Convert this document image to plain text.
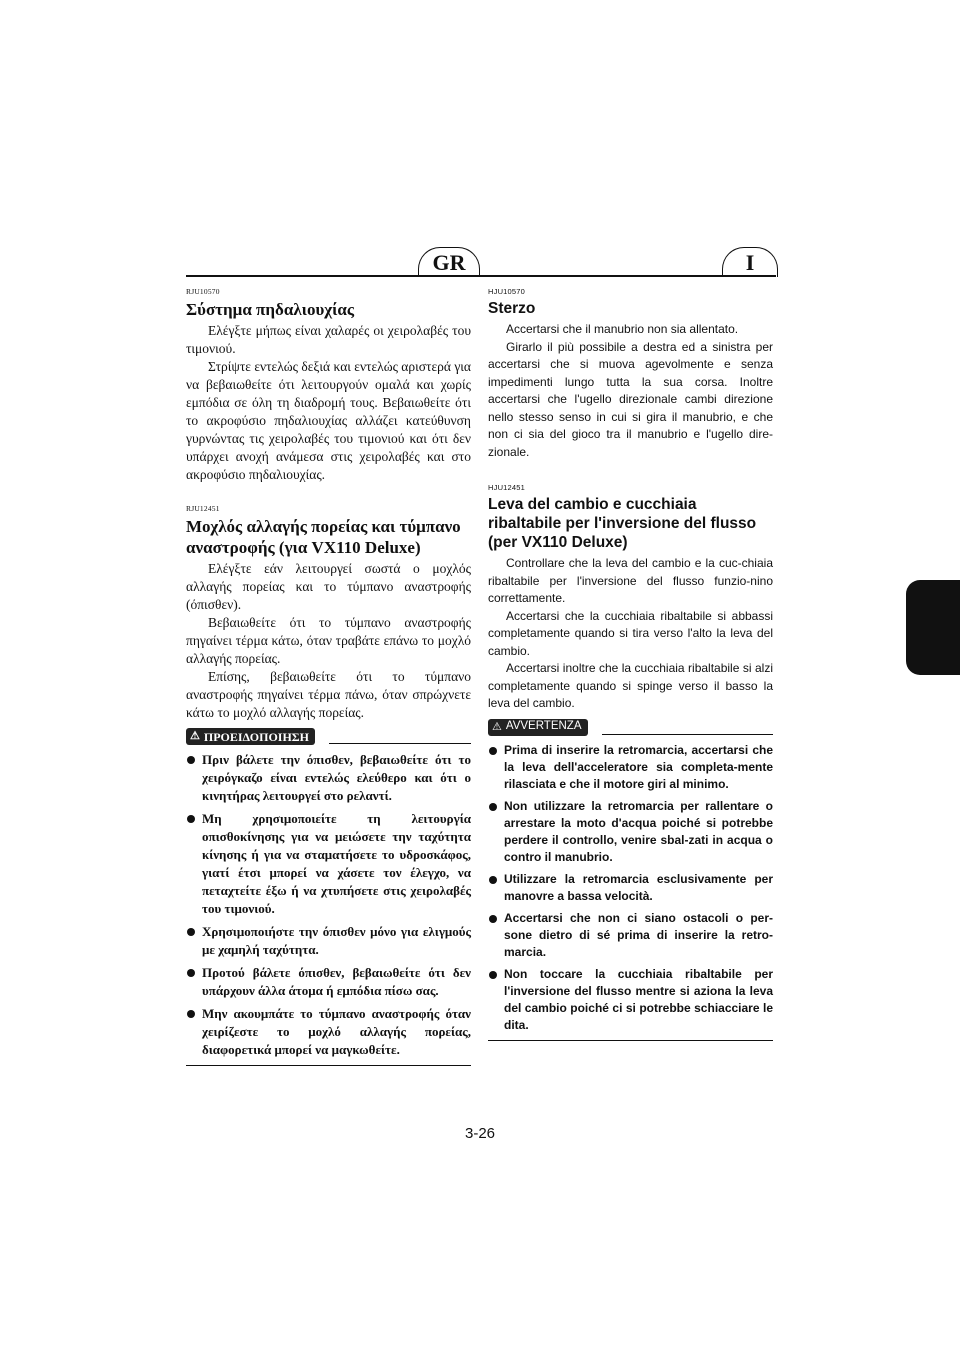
GR	I
RJU10570
Σύστημα πηδαλιουχίας

Ελέγξτε μήπως είναι χαλαρές οι χειρολαβές του τιμονιού.

Στρίψτε εντελώς δεξιά και εντελώς αριστερά για να βεβαιωθείτε ότι λειτουργούν ομαλά και χωρίς εμπόδια σε όλη τη διαδρομή τους. Βεβαιωθείτε ότι το ακροφύσιο πηδαλιουχίας αλλάζει κατεύθυνση γυρνώντας τις χειρολαβές του τιμονιού και ότι δεν υπάρχει ανοχή ανάμεσα στις χειρολαβές και στο ακροφύσιο πηδαλιουχίας.

RJU12451
Μοχλός αλλαγής πορείας και τύμπανο αναστροφής (για VX110 Deluxe)

Ελέγξτε εάν λειτουργεί σωστά ο μοχλός αλλαγής πορείας και το τύμπανο αναστροφής (όπισθεν).

Βεβαιωθείτε ότι το τύμπανο αναστροφής πηγαίνει τέρμα κάτω, όταν τραβάτε επάνω το μοχλό αλλαγής πορείας.

Επίσης, βεβαιωθείτε ότι το τύμπανο αναστροφής πηγαίνει τέρμα πάνω, όταν σπρώχνετε κάτω το μοχλό αλλαγής πορείας.

⚠ ΠΡΟΕΙΔΟΠΟΙΗΣΗ
Πριν βάλετε την όπισθεν, βεβαιωθείτε ότι το χειρόγκαζο είναι εντελώς ελεύθερο και ότι ο κινητήρας λειτουργεί στο ρελαντί.
Μη χρησιμοποιείτε τη λειτουργία οπισθοκίνησης για να μειώσετε την ταχύτητα κίνησης ή για να σταματήσετε το υδροσκάφος, γιατί έτσι μπορεί να χάσετε τον έλεγχο, να πεταχτείτε έξω ή να χτυπήσετε στις χειρολαβές του τιμονιού.
Χρησιμοποιήστε την όπισθεν μόνο για ελιγμούς με χαμηλή ταχύτητα.
Προτού βάλετε όπισθεν, βεβαιωθείτε ότι δεν υπάρχουν άλλα άτομα ή εμπόδια πίσω σας.
Μην ακουμπάτε το τύμπανο αναστροφής όταν χειρίζεστε το μοχλό αλλαγής πορείας, διαφορετικά μπορεί να μαγκωθείτε.
HJU10570
Sterzo

Accertarsi che il manubrio non sia allentato.

Girarlo il più possibile a destra ed a sinistra per accertarsi che si muova agevolmente e senza impedimenti lungo tutta la sua corsa. Inoltre accertarsi che l'ugello direzionale cambi direzione nello stesso senso in cui si gira il manubrio, e che non ci sia del gioco tra il manubrio e l'ugello dire-zionale.

HJU12451
Leva del cambio e cucchiaia ribaltabile per l'inversione del flusso
(per VX110 Deluxe)

Controllare che la leva del cambio e la cuc-chiaia ribaltabile per l'inversione del flusso funzio-nino correttamente.

Accertarsi che la cucchiaia ribaltabile si abbassi completamente quando si tira verso l'alto la leva del cambio.

Accertarsi inoltre che la cucchiaia ribaltabile si alzi completamente quando si spinge verso il basso la leva del cambio.

⚠ AVVERTENZA
Prima di inserire la retromarcia, accertarsi che la leva dell'acceleratore sia completa-mente rilasciata e che il motore giri al minimo.
Non utilizzare la retromarcia per rallentare o arrestare la moto d'acqua poiché si potrebbe perdere il controllo, venire sbal-zati in acqua o contro il manubrio.
Utilizzare la retromarcia esclusivamente per manovre a bassa velocità.
Accertarsi che non ci siano ostacoli o per-sone dietro di sé prima di inserire la retro-marcia.
Non toccare la cucchiaia ribaltabile per l'inversione del flusso mentre si aziona la leva del cambio poiché ci si potrebbe schiacciare le dita.
3-26
